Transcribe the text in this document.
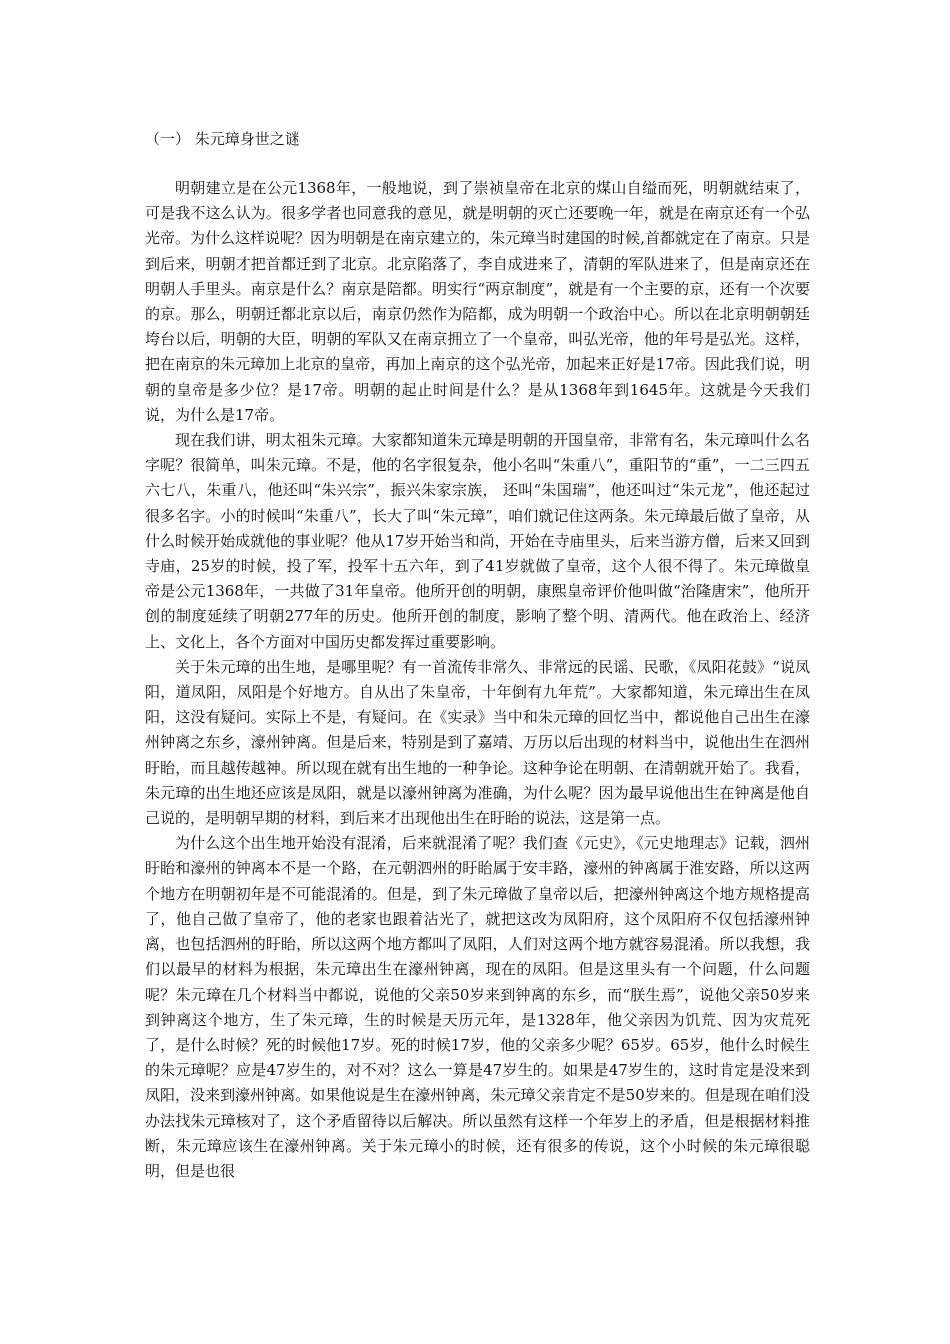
（一） 朱元璋身世之谜

明朝建立是在公元1368年，一般地说，到了崇祯皇帝在北京的煤山自缢而死，明朝就结束了，可是我不这么认为。很多学者也同意我的意见，就是明朝的灭亡还要晚一年，就是在南京还有一个弘光帝。为什么这样说呢？因为明朝是在南京建立的，朱元璋当时建国的时候,首都就定在了南京。只是到后来，明朝才把首都迁到了北京。北京陷落了，李自成进来了，清朝的军队进来了，但是南京还在明朝人手里头。南京是什么？南京是陪都。明实行“两京制度”，就是有一个主要的京，还有一个次要的京。那么，明朝迁都北京以后，南京仍然作为陪都，成为明朝一个政治中心。所以在北京明朝朝廷垮台以后，明朝的大臣，明朝的军队又在南京拥立了一个皇帝，叫弘光帝，他的年号是弘光。这样，把在南京的朱元璋加上北京的皇帝，再加上南京的这个弘光帝，加起来正好是17帝。因此我们说，明朝的皇帝是多少位？是17帝。明朝的起止时间是什么？是从1368年到1645年。这就是今天我们说，为什么是17帝。

现在我们讲，明太祖朱元璋。大家都知道朱元璋是明朝的开国皇帝，非常有名，朱元璋叫什么名字呢？很简单，叫朱元璋。不是，他的名字很复杂，他小名叫“朱重八”，重阳节的“重”，一二三四五六七八，朱重八，他还叫“朱兴宗”，振兴朱家宗族， 还叫“朱国瑞”，他还叫过“朱元龙”，他还起过很多名字。小的时候叫“朱重八”，长大了叫“朱元璋”，咱们就记住这两条。朱元璋最后做了皇帝，从什么时候开始成就他的事业呢？他从17岁开始当和尚，开始在寺庙里头，后来当游方僧，后来又回到寺庙，25岁的时候，投了军，投军十五六年，到了41岁就做了皇帝，这个人很不得了。朱元璋做皇帝是公元1368年，一共做了31年皇帝。他所开创的明朝，康熙皇帝评价他叫做“治隆唐宋”，他所开创的制度延续了明朝277年的历史。他所开创的制度，影响了整个明、清两代。他在政治上、经济上、文化上，各个方面对中国历史都发挥过重要影响。

关于朱元璋的出生地，是哪里呢？有一首流传非常久、非常远的民谣、民歌，《凤阳花鼓》“说凤阳，道凤阳，凤阳是个好地方。自从出了朱皇帝，十年倒有九年荒”。大家都知道，朱元璋出生在凤阳，这没有疑问。实际上不是，有疑问。在《实录》当中和朱元璋的回忆当中，都说他自己出生在濠州钟离之东乡，濠州钟离。但是后来，特别是到了嘉靖、万历以后出现的材料当中，说他出生在泗州盱眙，而且越传越神。所以现在就有出生地的一种争论。这种争论在明朝、在清朝就开始了。我看，朱元璋的出生地还应该是凤阳，就是以濠州钟离为准确，为什么呢？因为最早说他出生在钟离是他自己说的，是明朝早期的材料，到后来才出现他出生在盱眙的说法，这是第一点。

为什么这个出生地开始没有混淆，后来就混淆了呢？我们查《元史》，《元史地理志》记载，泗州盱眙和濠州的钟离本不是一个路，在元朝泗州的盱眙属于安丰路，濠州的钟离属于淮安路，所以这两个地方在明朝初年是不可能混淆的。但是，到了朱元璋做了皇帝以后，把濠州钟离这个地方规格提高了，他自己做了皇帝了，他的老家也跟着沾光了，就把这改为凤阳府，这个凤阳府不仅包括濠州钟离，也包括泗州的盱眙，所以这两个地方都叫了凤阳，人们对这两个地方就容易混淆。所以我想，我们以最早的材料为根据，朱元璋出生在濠州钟离，现在的凤阳。但是这里头有一个问题，什么问题呢？朱元璋在几个材料当中都说，说他的父亲50岁来到钟离的东乡，而“朕生焉”，说他父亲50岁来到钟离这个地方，生了朱元璋，生的时候是天历元年，是1328年，他父亲因为饥荒、因为灾荒死了，是什么时候？死的时候他17岁。死的时候17岁，他的父亲多少呢？65岁。65岁，他什么时候生的朱元璋呢？应是47岁生的，对不对？这么一算是47岁生的。如果是47岁生的，这时肯定是没来到凤阳，没来到濠州钟离。如果他说是生在濠州钟离，朱元璋父亲肯定不是50岁来的。但是现在咱们没办法找朱元璋核对了，这个矛盾留待以后解决。所以虽然有这样一个年岁上的矛盾，但是根据材料推断，朱元璋应该生在濠州钟离。关于朱元璋小的时候，还有很多的传说，这个小时候的朱元璋很聪明，但是也很
